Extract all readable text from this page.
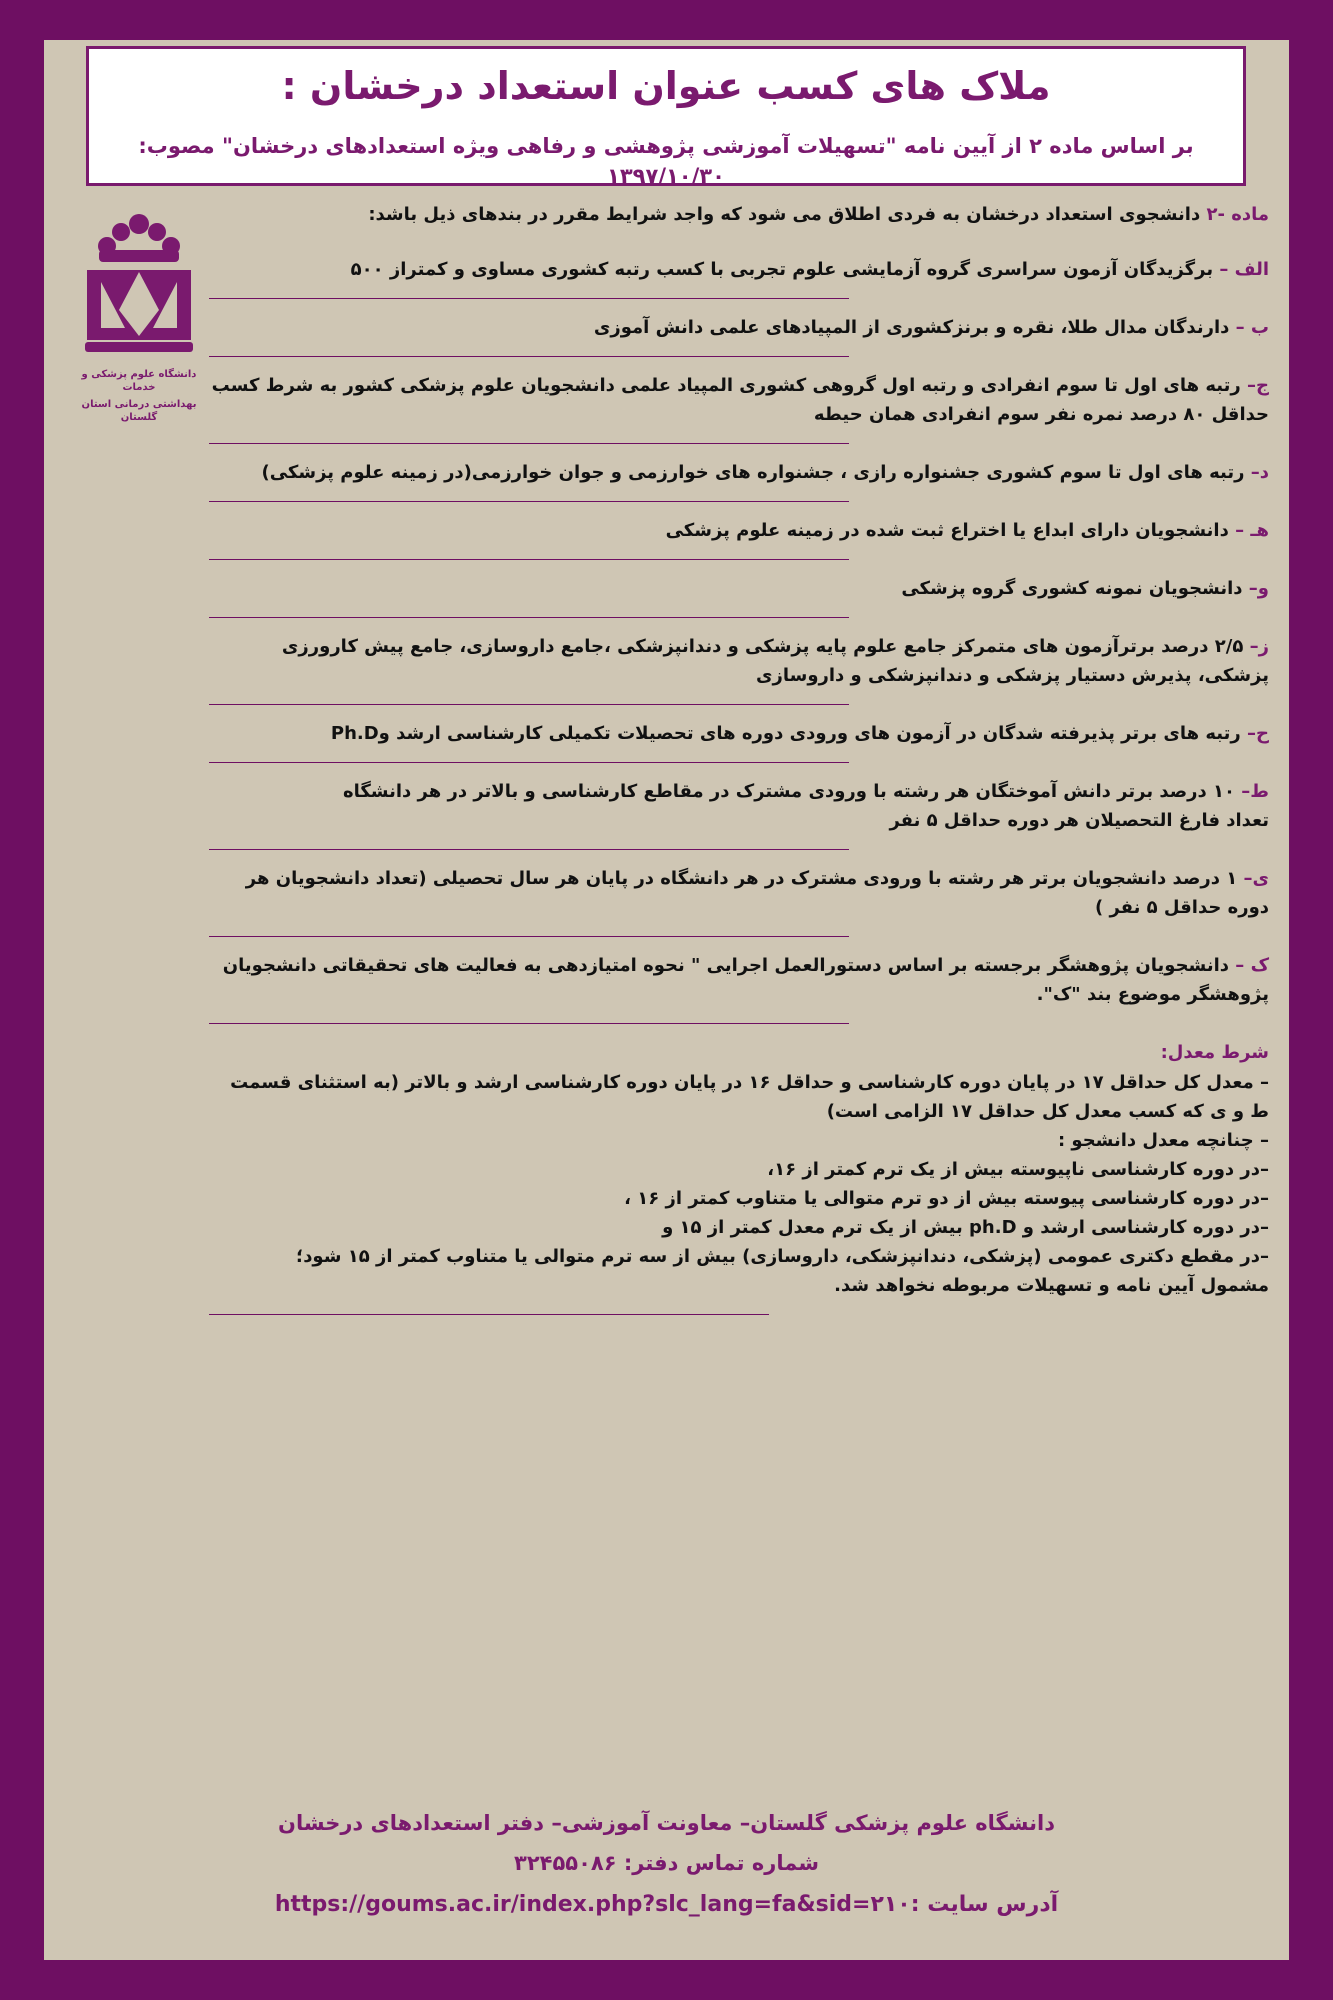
ملاک های کسب عنوان استعداد درخشان :
بر اساس ماده ۲ از آیین نامه "تسهیلات آموزشی پژوهشی و رفاهی ویژه استعدادهای درخشان" مصوب: ۱۳۹۷/۱۰/۳۰
دانشگاه علوم پزشکی و خدمات
بهداشتی درمانی استان گلستان

ماده -۲ دانشجوی استعداد درخشان به فردی اطلاق می شود که واجد شرایط مقرر در بندهای ذیل باشد:

الف – برگزیدگان آزمون سراسری گروه آزمایشی علوم تجربی با کسب رتبه کشوری مساوی و کمتراز ۵۰۰

ب – دارندگان مدال طلا، نقره و برنزکشوری از المپیادهای علمی دانش آموزی

ج– رتبه های اول تا سوم انفرادی و رتبه اول گروهی کشوری المپیاد علمی دانشجویان علوم پزشکی کشور به شرط کسب حداقل ۸۰ درصد نمره نفر سوم انفرادی همان حیطه

د– رتبه های اول تا سوم کشوری جشنواره رازی ، جشنواره های خوارزمی و جوان خوارزمی(در زمینه علوم پزشکی)

هـ – دانشجویان دارای ابداع یا اختراع ثبت شده در زمینه علوم پزشکی

و– دانشجویان نمونه کشوری گروه پزشکی

ز– ۲/۵ درصد برترآزمون های متمرکز جامع علوم پایه پزشکی و دندانپزشکی ،جامع داروسازی، جامع پیش کارورزی پزشکی، پذیرش دستیار پزشکی و دندانپزشکی و داروسازی

ح– رتبه های برتر پذیرفته شدگان در آزمون های ورودی دوره های تحصیلات تکمیلی کارشناسی ارشد وPh.D

ط– ۱۰ درصد برتر دانش آموختگان هر رشته با ورودی مشترک در مقاطع کارشناسی و بالاتر در هر دانشگاه
تعداد فارغ التحصیلان هر دوره حداقل ۵ نفر

ی– ۱ درصد دانشجویان برتر هر رشته با ورودی مشترک در هر دانشگاه در پایان هر سال تحصیلی (تعداد دانشجویان هر دوره حداقل ۵ نفر )

ک – دانشجویان پژوهشگر برجسته بر اساس دستورالعمل اجرایی " نحوه امتیازدهی به فعالیت های تحقیقاتی دانشجویان پژوهشگر موضوع بند "ک".

شرط معدل:

– معدل کل حداقل ۱۷ در پایان دوره کارشناسی و حداقل ۱۶ در پایان دوره کارشناسی ارشد و بالاتر (به استثنای قسمت ط و ی که کسب معدل کل حداقل ۱۷ الزامی است)

– چنانچه معدل دانشجو :

–در دوره کارشناسی ناپیوسته بیش از یک ترم کمتر از ۱۶،

–در دوره کارشناسی پیوسته بیش از دو ترم متوالی یا متناوب کمتر از ۱۶ ،

–در دوره کارشناسی ارشد و ph.D بیش از یک ترم معدل کمتر از ۱۵ و

–در مقطع دکتری عمومی (پزشکی، دندانپزشکی، داروسازی) بیش از سه ترم متوالی یا متناوب کمتر از ۱۵ شود؛

مشمول آیین نامه و تسهیلات مربوطه نخواهد شد.

دانشگاه علوم پزشکی گلستان– معاونت آموزشی– دفتر استعدادهای درخشان
شماره تماس دفتر: ۳۲۴۵۵۰۸۶
آدرس سایت :https://goums.ac.ir/index.php?slc_lang=fa&sid=۲۱۰
